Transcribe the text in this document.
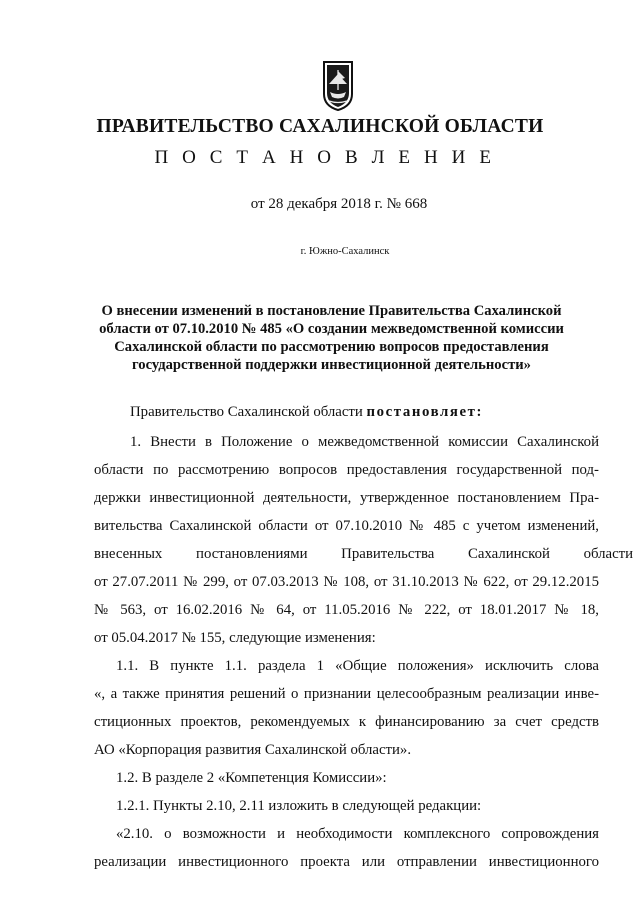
ПРАВИТЕЛЬСТВО САХАЛИНСКОЙ ОБЛАСТИ
П О С Т А Н О В Л Е Н И Е
от 28 декабря 2018 г. № 668
г. Южно-Сахалинск
О внесении изменений в постановление Правительства Сахалинской
области от 07.10.2010 № 485 «О создании межведомственной комиссии
Сахалинской области по рассмотрению вопросов предоставления
государственной поддержки инвестиционной деятельности»
Правительство Сахалинской области постановляет:
1. Внести в Положение о межведомственной комиссии Сахалинской
области по рассмотрению вопросов предоставления государственной под-
держки инвестиционной деятельности, утвержденное постановлением Пра-
вительства Сахалинской области от 07.10.2010 № 485 с учетом изменений,
внесенных постановлениями Правительства Сахалинской области
от 27.07.2011 № 299, от 07.03.2013 № 108, от 31.10.2013 № 622, от 29.12.2015
№ 563, от 16.02.2016 № 64, от 11.05.2016 № 222, от 18.01.2017 № 18,
от 05.04.2017 № 155, следующие изменения:
1.1. В пункте 1.1. раздела 1 «Общие положения» исключить слова
«, а также принятия решений о признании целесообразным реализации инве-
стиционных проектов, рекомендуемых к финансированию за счет средств
АО «Корпорация развития Сахалинской области».
1.2. В разделе 2 «Компетенция Комиссии»:
1.2.1. Пункты 2.10, 2.11 изложить в следующей редакции:
«2.10. о возможности и необходимости комплексного сопровождения
реализации инвестиционного проекта или отправлении инвестиционного
